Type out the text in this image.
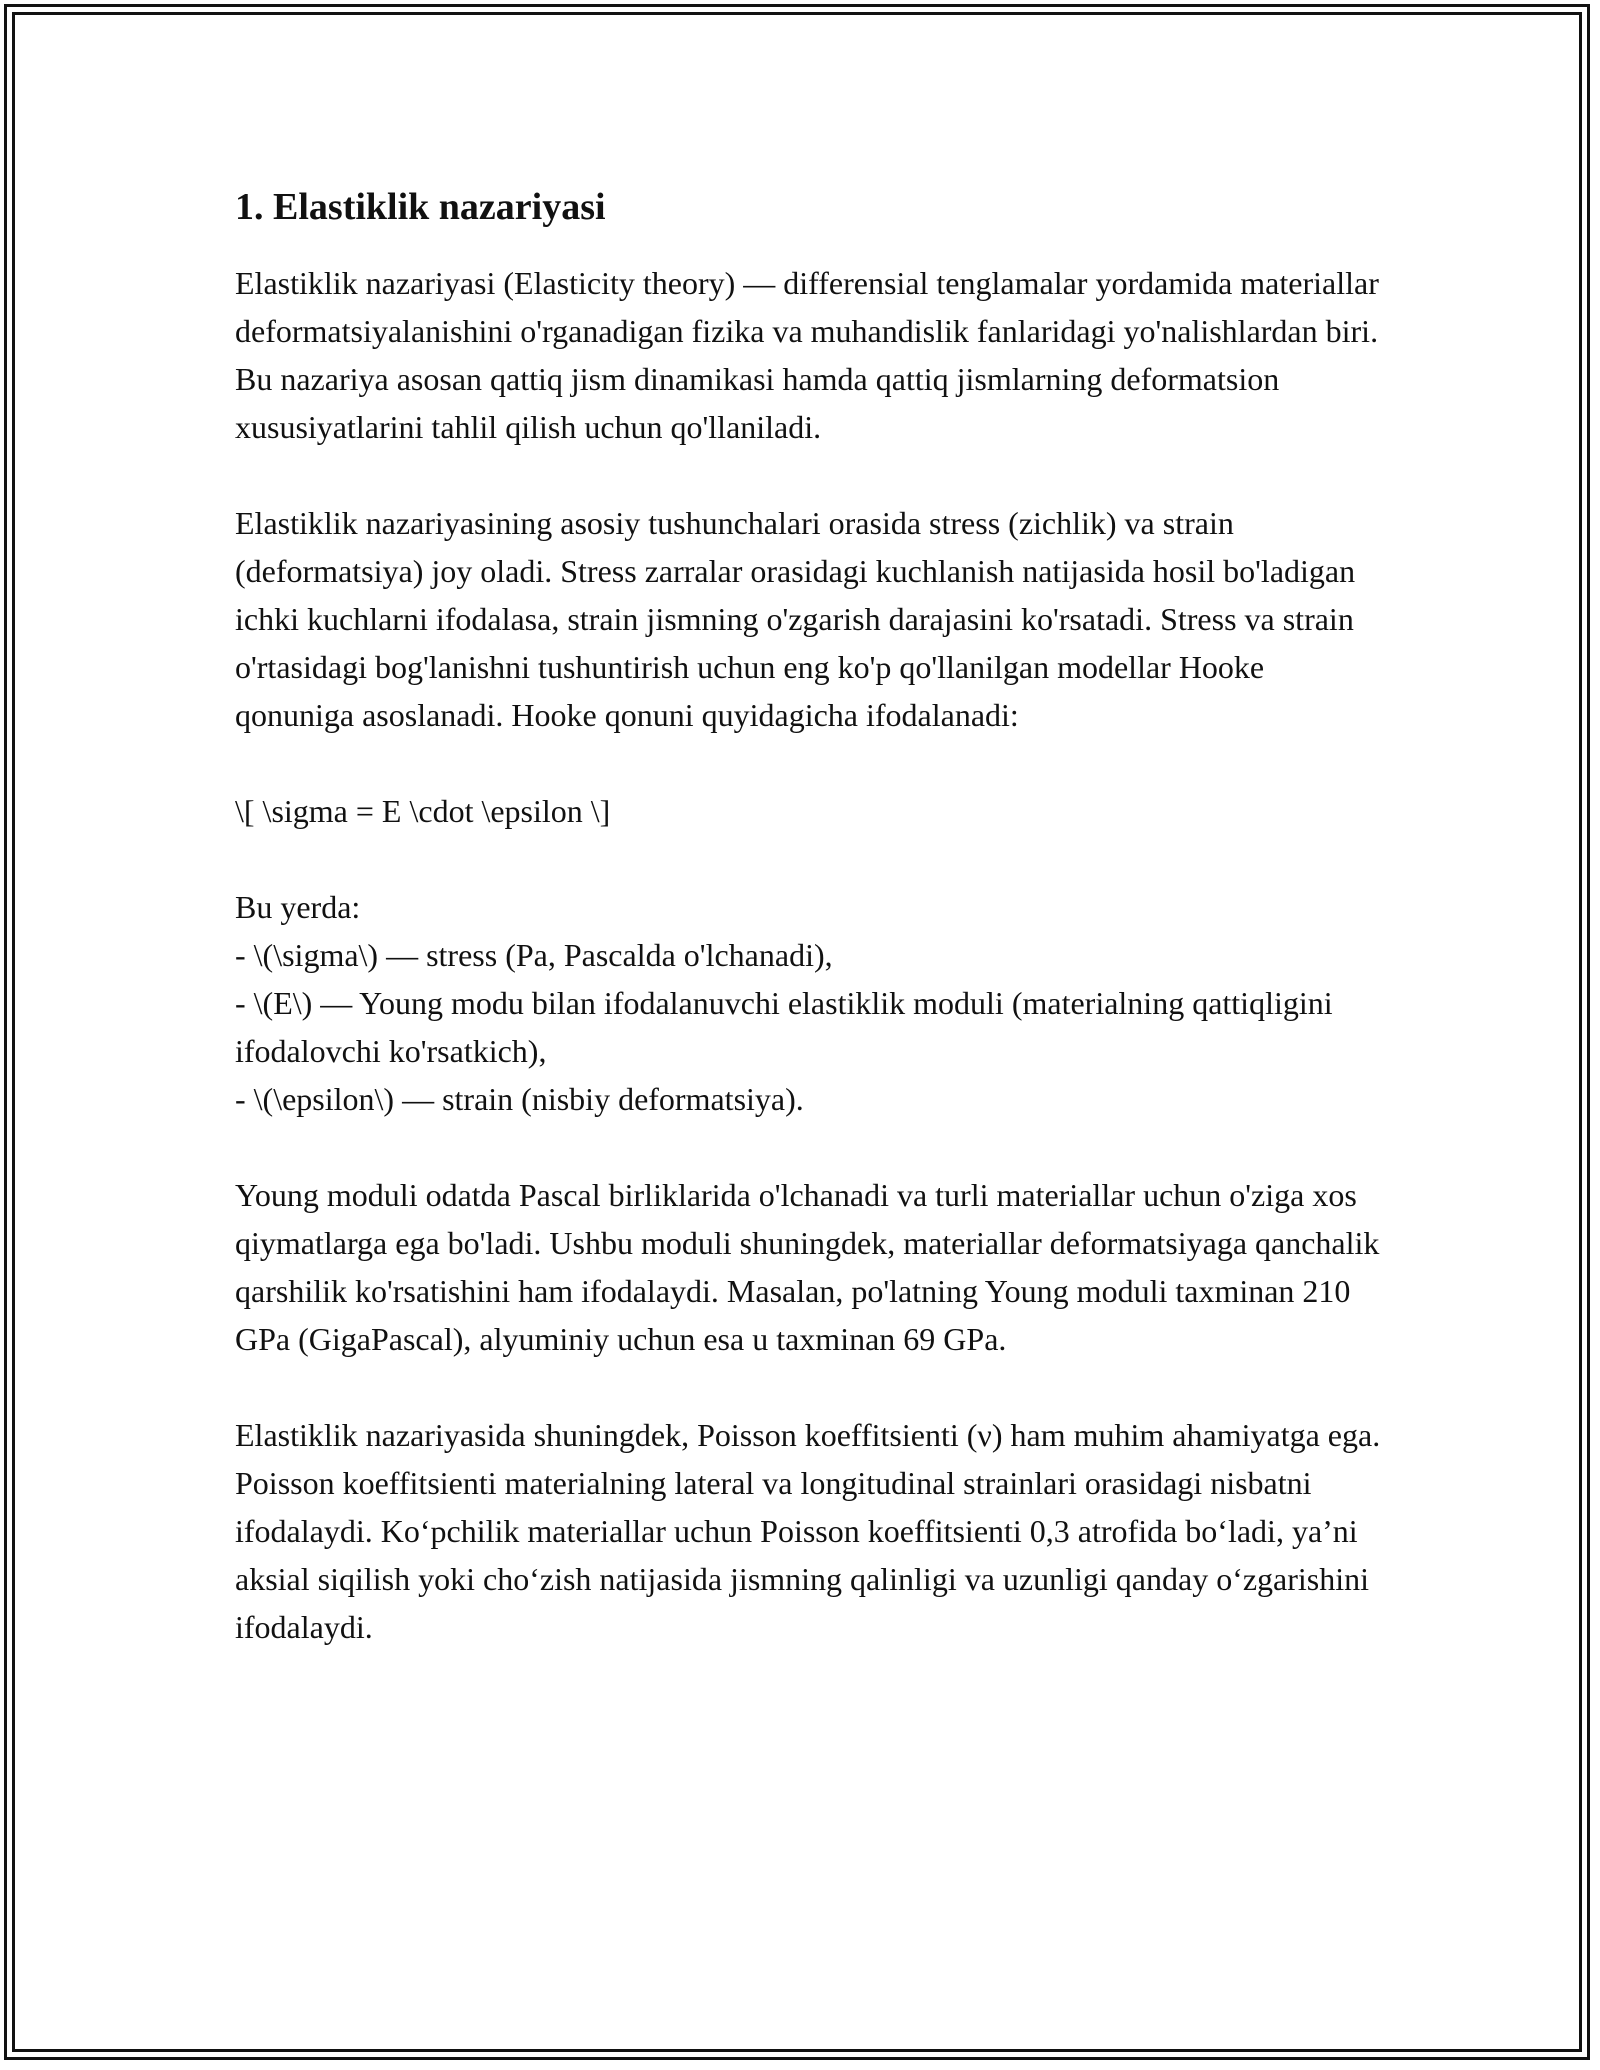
1. Elastiklik nazariyasi

Elastiklik nazariyasi (Elasticity theory) — differensial tenglamalar yordamida materiallar deformatsiyalanishini o'rganadigan fizika va muhandislik fanlaridagi yo'nalishlardan biri. Bu nazariya asosan qattiq jism dinamikasi hamda qattiq jismlarning deformatsion xususiyatlarini tahlil qilish uchun qo'llaniladi.

Elastiklik nazariyasining asosiy tushunchalari orasida stress (zichlik) va strain (deformatsiya) joy oladi. Stress zarralar orasidagi kuchlanish natijasida hosil bo'ladigan ichki kuchlarni ifodalasa, strain jismning o'zgarish darajasini ko'rsatadi. Stress va strain o'rtasidagi bog'lanishni tushuntirish uchun eng ko'p qo'llanilgan modellar Hooke qonuniga asoslanadi. Hooke qonuni quyidagicha ifodalanadi:

\[ \sigma = E \cdot \epsilon \]

Bu yerda:
- \(\sigma\) — stress (Pa, Pascalda o'lchanadi),
- \(E\) — Young modu bilan ifodalanuvchi elastiklik moduli (materialning qattiqligini ifodalovchi ko'rsatkich),
- \(\epsilon\) — strain (nisbiy deformatsiya).

Young moduli odatda Pascal birliklarida o'lchanadi va turli materiallar uchun o'ziga xos qiymatlarga ega bo'ladi. Ushbu moduli shuningdek, materiallar deformatsiyaga qanchalik qarshilik ko'rsatishini ham ifodalaydi. Masalan, po'latning Young moduli taxminan 210 GPa (GigaPascal), alyuminiy uchun esa u taxminan 69 GPa.

Elastiklik nazariyasida shuningdek, Poisson koeffitsienti (ν) ham muhim ahamiyatga ega. Poisson koeffitsienti materialning lateral va longitudinal strainlari orasidagi nisbatni ifodalaydi. Koʻpchilik materiallar uchun Poisson koeffitsienti 0,3 atrofida boʻladi, yaʼni aksial siqilish yoki choʻzish natijasida jismning qalinligi va uzunligi qanday oʻzgarishini ifodalaydi.
